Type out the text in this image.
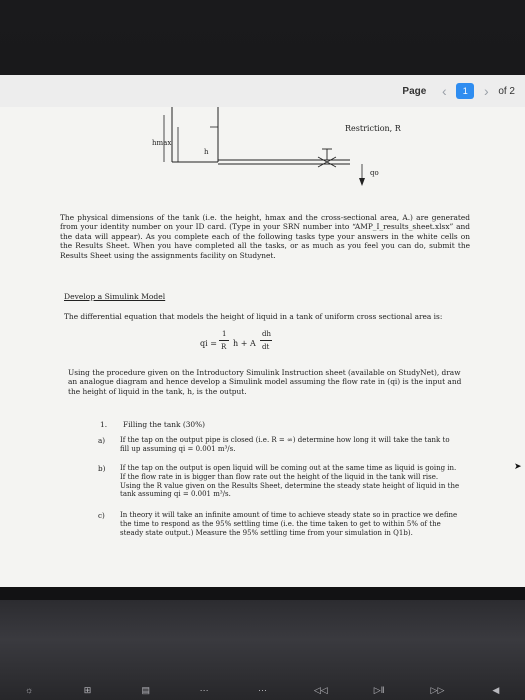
Page ‹	1	› of 2
hmax
h
Restriction, R
qo
The physical dimensions of the tank (i.e. the height, hmax and the cross-sectional area, A.) are generated from your identity number on your ID card. (Type in your SRN number into “AMP_I_results_sheet.xlsx” and the data will appear). As you complete each of the following tasks type your answers in the white cells on the Results Sheet. When you have completed all the tasks, or as much as you feel you can do, submit the Results Sheet using the assignments facility on Studynet.
Develop a Simulink Model
The differential equation that models the height of liquid in a tank of uniform cross sectional area is:
qi =
1
R h + A
dh
dt
Using the procedure given on the Introductory Simulink Instruction sheet (available on StudyNet), draw an analogue diagram and hence develop a Simulink model assuming the flow rate in (qi) is the input and the height of liquid in the tank, h, is the output.
1. Filling the tank (30%)
a) If the tap on the output pipe is closed (i.e. R = ∞) determine how long it will take the tank to fill up assuming qi = 0.001 m³/s.
b) If the tap on the output is open liquid will be coming out at the same time as liquid is going in. If the flow rate in is bigger than flow rate out the height of the liquid in the tank will rise. Using the R value given on the Results Sheet, determine the steady state height of liquid in the tank assuming qi = 0.001 m³/s.
c) In theory it will take an infinite amount of time to achieve steady state so in practice we define the time to respond as the 95% settling time (i.e. the time taken to get to within 5% of the steady state output.) Measure the 95% settling time from your simulation in Q1b).
➤
☼	⊞	▤	⋯	⋯	◁◁	▷ǁ	▷▷	◀
